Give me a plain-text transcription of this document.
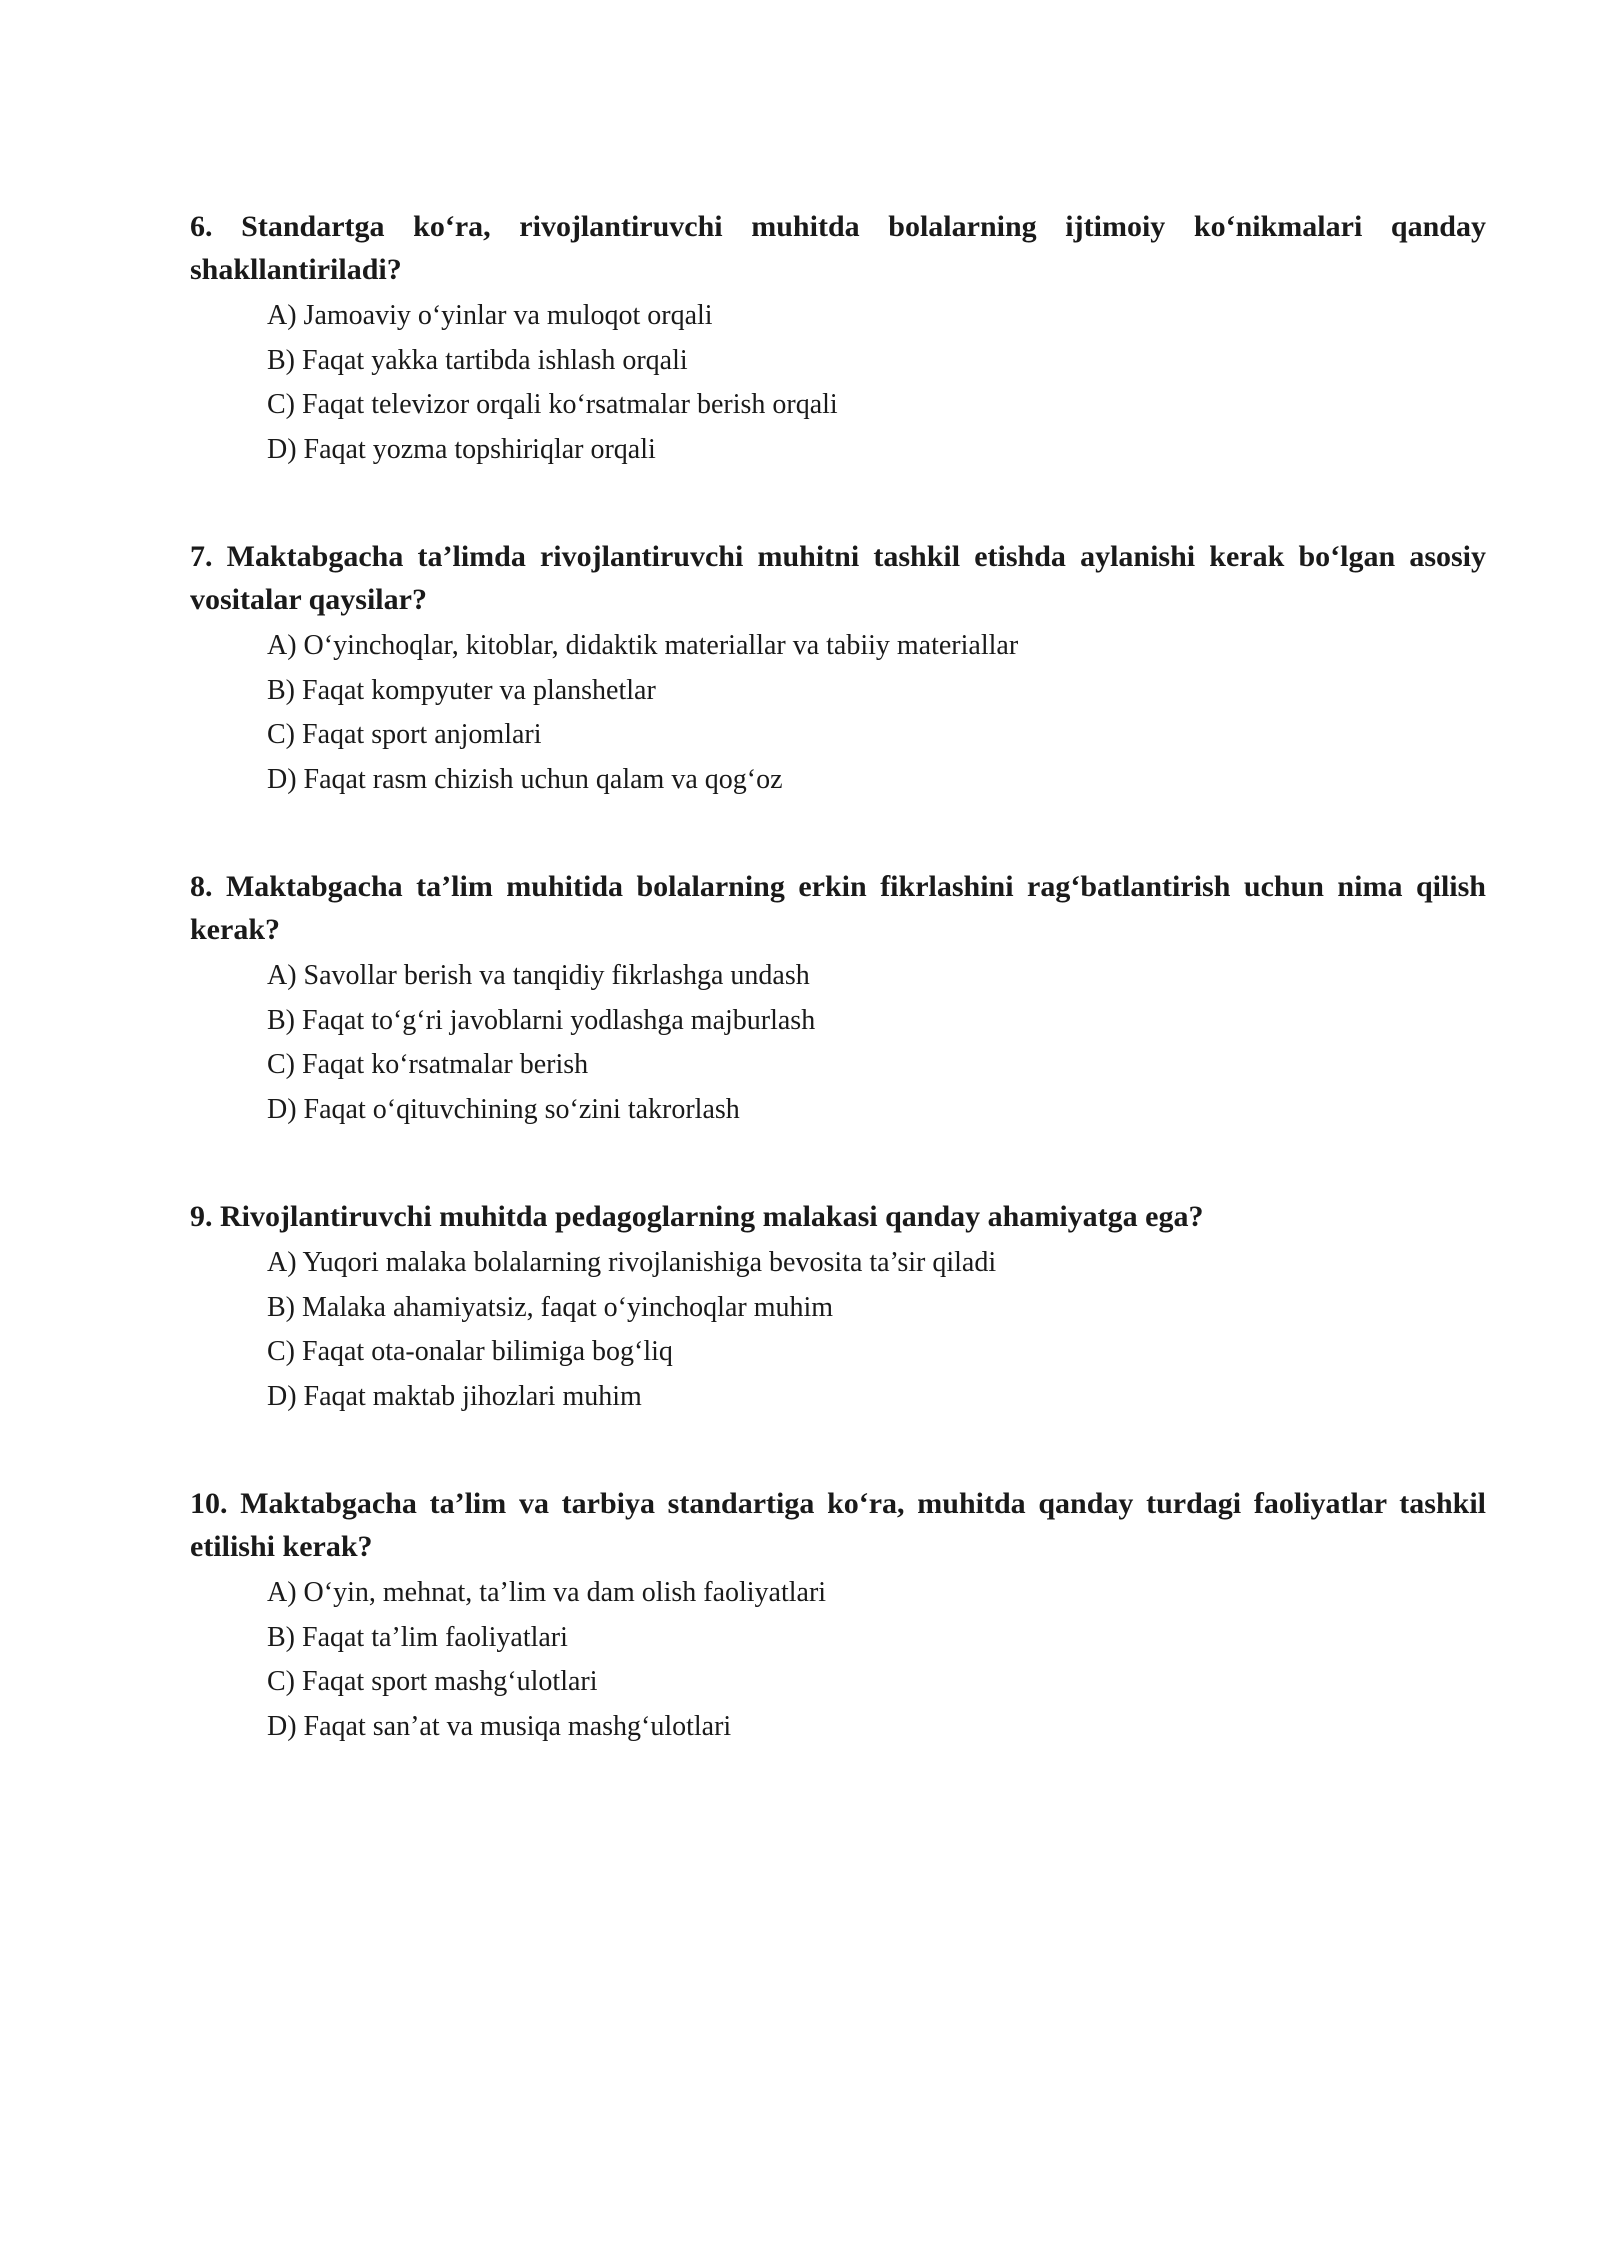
6. Standartga koʻra, rivojlantiruvchi muhitda bolalarning ijtimoiy koʻnikmalari qanday shakllantiriladi?
A) Jamoaviy oʻyinlar va muloqot orqali
B) Faqat yakka tartibda ishlash orqali
C) Faqat televizor orqali koʻrsatmalar berish orqali
D) Faqat yozma topshiriqlar orqali
7. Maktabgacha ta’limda rivojlantiruvchi muhitni tashkil etishda aylanishi kerak boʻlgan asosiy vositalar qaysilar?
A) Oʻyinchoqlar, kitoblar, didaktik materiallar va tabiiy materiallar
B) Faqat kompyuter va planshetlar
C) Faqat sport anjomlari
D) Faqat rasm chizish uchun qalam va qogʻoz
8. Maktabgacha ta’lim muhitida bolalarning erkin fikrlashini ragʻbatlantirish uchun nima qilish kerak?
A) Savollar berish va tanqidiy fikrlashga undash
B) Faqat toʻgʻri javoblarni yodlashga majburlash
C) Faqat koʻrsatmalar berish
D) Faqat oʻqituvchining soʻzini takrorlash
9. Rivojlantiruvchi muhitda pedagoglarning malakasi qanday ahamiyatga ega?
A) Yuqori malaka bolalarning rivojlanishiga bevosita ta’sir qiladi
B) Malaka ahamiyatsiz, faqat oʻyinchoqlar muhim
C) Faqat ota-onalar bilimiga bogʻliq
D) Faqat maktab jihozlari muhim
10. Maktabgacha ta’lim va tarbiya standartiga koʻra, muhitda qanday turdagi faoliyatlar tashkil etilishi kerak?
A) Oʻyin, mehnat, ta’lim va dam olish faoliyatlari
B) Faqat ta’lim faoliyatlari
C) Faqat sport mashgʻulotlari
D) Faqat san’at va musiqa mashgʻulotlari
